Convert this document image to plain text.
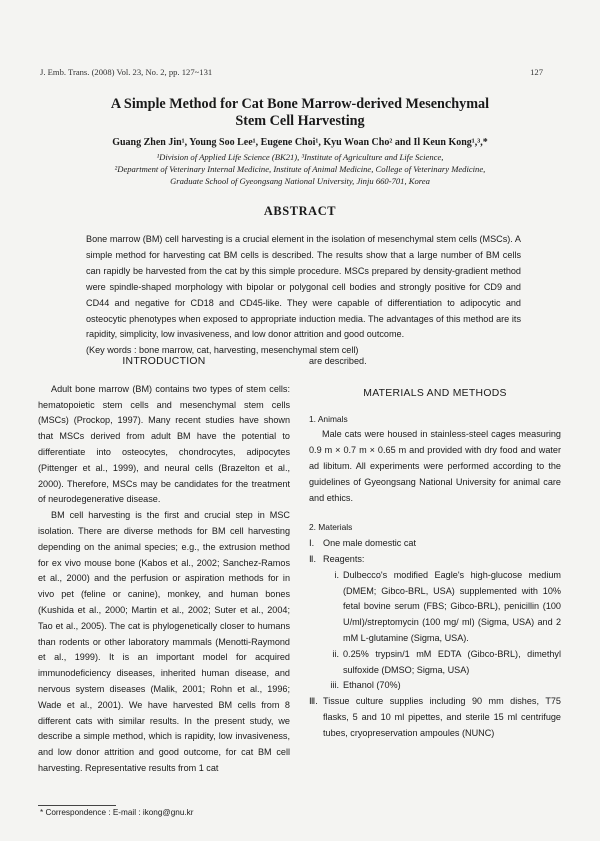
J. Emb. Trans. (2008) Vol. 23, No. 2, pp. 127~131	127
A Simple Method for Cat Bone Marrow-derived Mesenchymal
Stem Cell Harvesting
Guang Zhen Jin¹, Young Soo Lee¹, Eugene Choi¹, Kyu Woan Cho² and Il Keun Kong¹,³,*
¹Division of Applied Life Science (BK21), ³Institute of Agriculture and Life Science,
²Department of Veterinary Internal Medicine, Institute of Animal Medicine, College of Veterinary Medicine,
Graduate School of Gyeongsang National University, Jinju 660-701, Korea
ABSTRACT

Bone marrow (BM) cell harvesting is a crucial element in the isolation of mesenchymal stem cells (MSCs). A simple method for harvesting cat BM cells is described. The results show that a large number of BM cells can rapidly be harvested from the cat by this simple procedure. MSCs prepared by density-gradient method were spindle-shaped morphology with bipolar or polygonal cell bodies and strongly positive for CD9 and CD44 and negative for CD18 and CD45-like. They were capable of differentiation to adipocytic and osteocytic phenotypes when exposed to appropriate induction media. The advantages of this method are its rapidity, simplicity, low invasiveness, and low donor attrition and good outcome.

(Key words : bone marrow, cat, harvesting, mesenchymal stem cell)

INTRODUCTION

Adult bone marrow (BM) contains two types of stem cells: hematopoietic stem cells and mesenchymal stem cells (MSCs) (Prockop, 1997). Many recent studies have shown that MSCs derived from adult BM have the potential to differentiate into osteocytes, chondrocytes, adipocytes (Pittenger et al., 1999), and neural cells (Brazelton et al., 2000). Therefore, MSCs may be candidates for the treatment of neurodegenerative disease.

BM cell harvesting is the first and crucial step in MSC isolation. There are diverse methods for BM cell harvesting depending on the animal species; e.g., the extrusion method for ex vivo mouse bone (Kabos et al., 2002; Sanchez-Ramos et al., 2000) and the perfusion or aspiration methods for in vivo pet (feline or canine), monkey, and human bones (Kushida et al., 2000; Martin et al., 2002; Suter et al., 2004; Tao et al., 2005). The cat is phylogenetically closer to humans than rodents or other laboratory mammals (Menotti-Raymond et al., 1999). It is an important model for acquired immunodeficiency diseases, inherited human disease, and nervous system diseases (Malik, 2001; Rohn et al., 1996; Wade et al., 2001). We have harvested BM cells from 8 different cats with similar results. In the present study, we describe a simple method, which is rapidity, low invasiveness, and low donor attrition and good outcome, for cat BM cell harvesting. Representative results from 1 cat

are described.

MATERIALS AND METHODS

1. Animals

Male cats were housed in stainless-steel cages measuring 0.9 m × 0.7 m × 0.65 m and provided with dry food and water ad libitum. All experiments were performed according to the guidelines of Gyeongsang National University for animal care and ethics.

2. Materials

Ⅰ. One male domestic cat

Ⅱ. Reagents:

i. Dulbecco's modified Eagle's high-glucose medium (DMEM; Gibco-BRL, USA) supplemented with 10% fetal bovine serum (FBS; Gibco-BRL), penicillin (100 U/ml)/streptomycin (100 mg/ ml) (Sigma, USA) and 2 mM L-glutamine (Sigma, USA).
ii. 0.25% trypsin/1 mM EDTA (Gibco-BRL), dimethyl sulfoxide (DMSO; Sigma, USA)
iii. Ethanol (70%)

Ⅲ. Tissue culture supplies including 90 mm dishes, T75 flasks, 5 and 10 ml pipettes, and sterile 15 ml centrifuge tubes, cryopreservation ampoules (NUNC)

* Correspondence : E-mail : ikong@gnu.kr
